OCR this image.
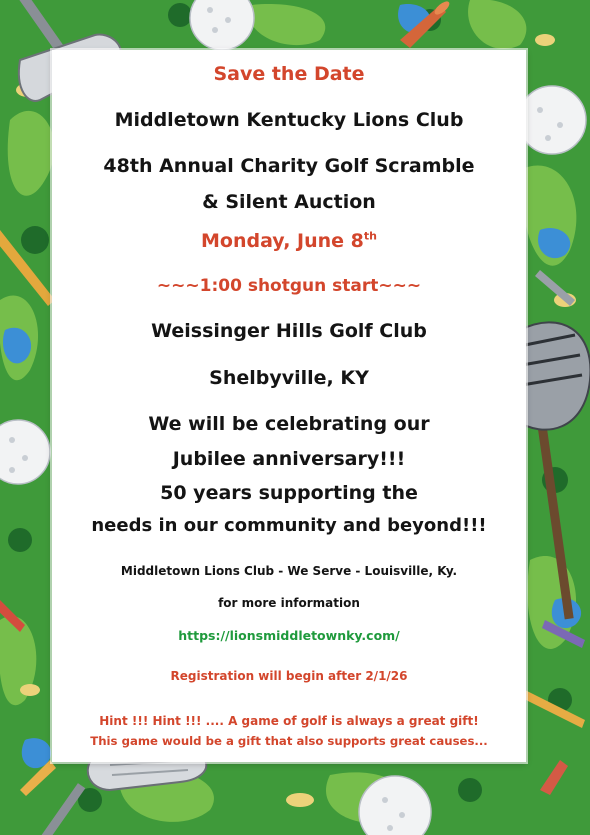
Save the Date

Middletown Kentucky Lions Club

48th Annual Charity Golf Scramble

& Silent Auction

Monday, June 8th

~~~1:00 shotgun start~~~

Weissinger Hills Golf Club

Shelbyville, KY

We will be celebrating our

Jubilee anniversary!!!

50 years supporting the

needs in our community and beyond!!!

Middletown Lions Club - We Serve - Louisville, Ky.

for more information

https://lionsmiddletownky.com/

Registration will begin after 2/1/26

Hint !!! Hint !!! .... A game of golf is always a great gift!

This game would be a gift that also supports great causes...
